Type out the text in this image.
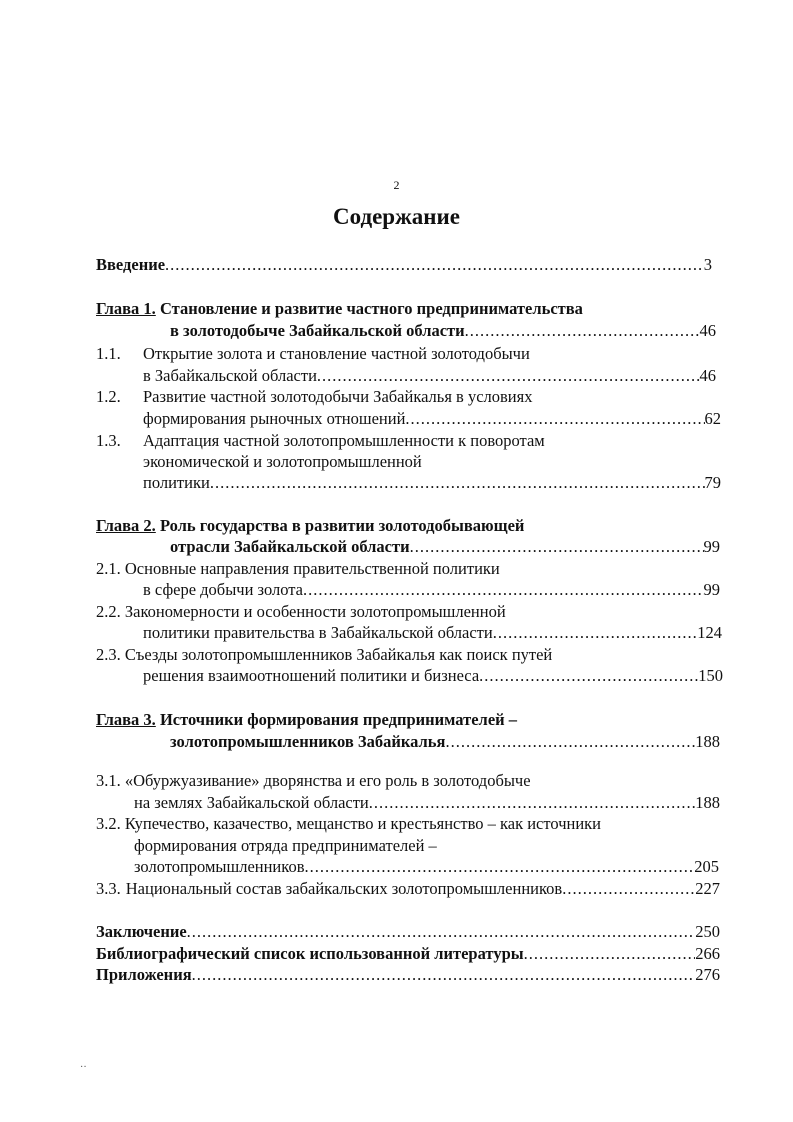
2
Содержание
Введение .....	3
Глава 1. Становление и развитие частного предпринимательства
в золотодобыче Забайкальской области .....	46
1.1. Открытие золота и становление частной золотодобычи
в Забайкальской области .....	46
1.2. Развитие частной золотодобычи Забайкалья в условиях
формирования рыночных отношений .....	62
1.3. Адаптация частной золотопромышленности к поворотам
экономической и золотопромышленной
политики .....	79
Глава 2. Роль государства в развитии золотодобывающей
отрасли Забайкальской области .....	99
2.1. Основные направления правительственной политики
в сфере добычи золота .....	99
2.2. Закономерности и особенности золотопромышленной
политики правительства в Забайкальской области .....	124
2.3. Съезды золотопромышленников Забайкалья как поиск путей
решения взаимоотношений политики и бизнеса .....	150
Глава 3. Источники формирования предпринимателей –
золотопромышленников Забайкалья .....	188
3.1. «Обуржуазивание» дворянства и его роль в золотодобыче
на землях Забайкальской области .....	188
3.2. Купечество, казачество, мещанство и крестьянство – как источники
формирования отряда предпринимателей –
золотопромышленников .....	205
3.3. Национальный состав забайкальских золотопромышленников .....	227
Заключение .....	250
Библиографический список использованной литературы .....	266
Приложения .....	276
··
